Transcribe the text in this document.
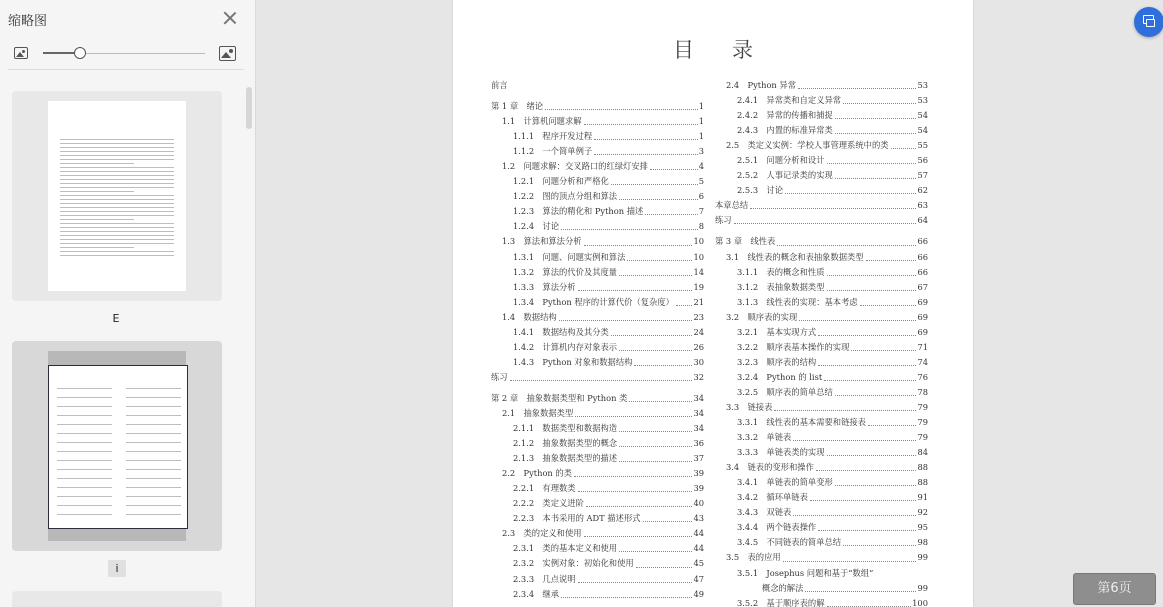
缩略图
E
i
目录
前言
第 1 章　绪论	1
1.1　计算机问题求解	1
1.1.1　程序开发过程	1
1.1.2　一个简单例子	3
1.2　问题求解：交叉路口的红绿灯安排	4
1.2.1　问题分析和严格化	5
1.2.2　图的顶点分组和算法	6
1.2.3　算法的精化和 Python 描述	7
1.2.4　讨论	8
1.3　算法和算法分析	10
1.3.1　问题、问题实例和算法	10
1.3.2　算法的代价及其度量	14
1.3.3　算法分析	19
1.3.4　Python 程序的计算代价（复杂度） 21
1.4　数据结构	23
1.4.1　数据结构及其分类	24
1.4.2　计算机内存对象表示	26
1.4.3　Python 对象和数据结构	30
练习	32
第 2 章　抽象数据类型和 Python 类	34
2.1　抽象数据类型	34
2.1.1　数据类型和数据构造	34
2.1.2　抽象数据类型的概念	36
2.1.3　抽象数据类型的描述	37
2.2　Python 的类	39
2.2.1　有理数类	39
2.2.2　类定义进阶	40
2.2.3　本书采用的 ADT 描述形式	43
2.3　类的定义和使用	44
2.3.1　类的基本定义和使用	44
2.3.2　实例对象：初始化和使用	45
2.3.3　几点说明	47
2.3.4　继承	49
2.4　Python 异常	53
2.4.1　异常类和自定义异常	53
2.4.2　异常的传播和捕捉	54
2.4.3　内置的标准异常类	54
2.5　类定义实例：学校人事管理系统中的类	55
2.5.1　问题分析和设计	56
2.5.2　人事记录类的实现	57
2.5.3　讨论	62
本章总结	63
练习	64
第 3 章　线性表	66
3.1　线性表的概念和表抽象数据类型	66
3.1.1　表的概念和性质	66
3.1.2　表抽象数据类型	67
3.1.3　线性表的实现：基本考虑	69
3.2　顺序表的实现	69
3.2.1　基本实现方式	69
3.2.2　顺序表基本操作的实现	71
3.2.3　顺序表的结构	74
3.2.4　Python 的 list	76
3.2.5　顺序表的简单总结	78
3.3　链接表	79
3.3.1　线性表的基本需要和链接表	79
3.3.2　单链表	79
3.3.3　单链表类的实现	84
3.4　链表的变形和操作	88
3.4.1　单链表的简单变形	88
3.4.2　循环单链表	91
3.4.3　双链表	92
3.4.4　两个链表操作	95
3.4.5　不同链表的简单总结	98
3.5　表的应用	99
3.5.1　Josephus 问题和基于“数组”
　　　概念的解法	99
3.5.2　基于顺序表的解	100
第6页
